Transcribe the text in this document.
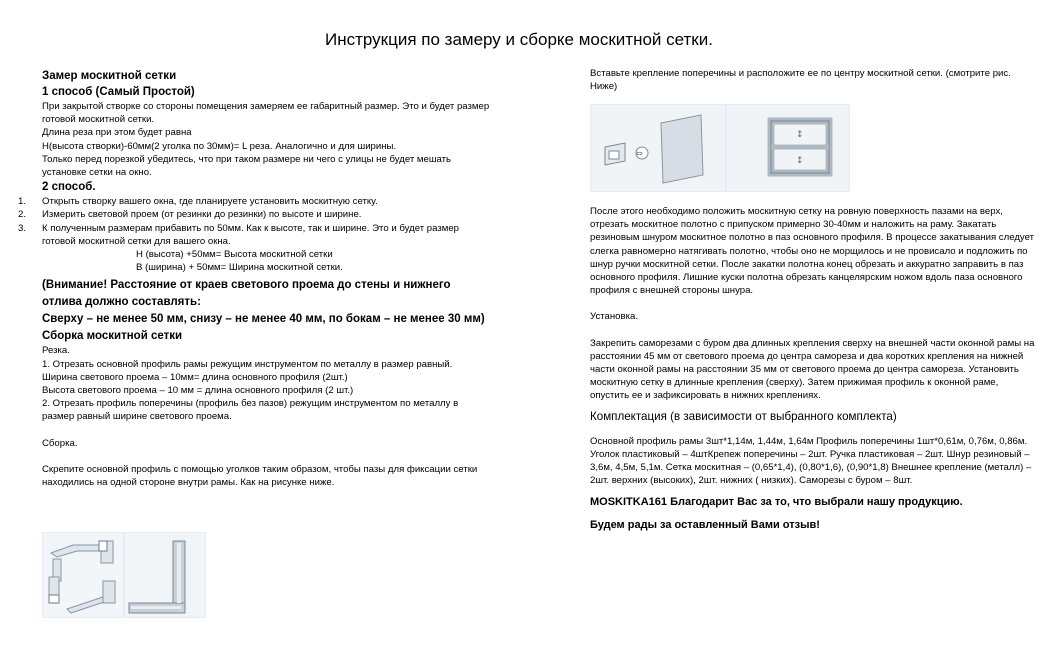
Инструкция по замеру и сборке москитной сетки.

Замер москитной сетки

1 способ (Самый Простой)

При закрытой створке со стороны помещения замеряем ее габаритный размер. Это и будет размер готовой москитной сетки.

Длина реза при этом будет равна

H(высота створки)-60мм(2 уголка по 30мм)= L реза. Аналогично и для ширины.

Только перед порезкой убедитесь, что при таком размере ни чего с улицы не будет мешать установке сетки на окно.

2 способ.

1. Открыть створку вашего окна, где планируете установить москитную сетку.

2. Измерить световой проем (от резинки до резинки) по высоте и ширине.

3. К полученным размерам прибавить по 50мм. Как к высоте, так и ширине. Это и будет размер готовой москитной сетки для вашего окна.

Н (высота) +50мм= Высота москитной сетки

В (ширина) + 50мм= Ширина москитной сетки.

(Внимание! Расстояние от краев светового проема до стены и нижнего отлива должно составлять:

Сверху – не менее 50 мм, снизу – не менее 40 мм, по бокам – не менее 30 мм)

Сборка москитной сетки

Резка.

1. Отрезать основной профиль рамы режущим инструментом по металлу в размер равный.

Ширина светового проема – 10мм= длина основного профиля (2шт.)

Высота светового проема – 10 мм = длина основного профиля (2 шт.)

2. Отрезать профиль поперечины (профиль без пазов) режущим инструментом по металлу в размер равный ширине светового проема.

Сборка.

Скрепите основной профиль с помощью уголков таким образом, чтобы пазы для фиксации сетки находились на одной стороне внутри рамы. Как на рисунке ниже.

Вставьте крепление поперечины и расположите ее по центру москитной сетки. (смотрите рис. Ниже)

⇔
↕
↕

После этого необходимо положить москитную сетку на ровную поверхность пазами на верх, отрезать москитное полотно с припуском примерно 30-40мм и наложить на раму. Закатать резиновым шнуром москитное полотно в паз основного профиля. В процессе закатывания следует слегка равномерно натягивать полотно, чтобы оно не морщилось и не провисало и подложить по шнур ручки москитной сетки. После закатки полотна конец обрезать и аккуратно заправить в паз основного профиля. Лишние куски полотна обрезать канцелярским ножом вдоль паза основного профиля с внешней стороны шнура.

Установка.

Закрепить саморезами с буром два длинных крепления сверху на внешней части оконной рамы на расстоянии 45 мм от светового проема до центра самореза и два коротких крепления на нижней части оконной рамы на расстоянии 35 мм от светового проема до центра самореза. Установить москитную сетку в длинные крепления (сверху). Затем прижимая профиль к оконной раме, опустить ее и зафиксировать в нижних креплениях.

Комплектация (в зависимости от выбранного комплекта)

Основной профиль рамы 3шт*1,14м, 1,44м, 1,64м Профиль поперечины 1шт*0,61м, 0,76м, 0,86м. Уголок пластиковый – 4штКрепеж поперечины – 2шт. Ручка пластиковая – 2шт. Шнур резиновый – 3,6м, 4,5м, 5,1м. Сетка москитная – (0,65*1,4), (0,80*1,6), (0,90*1,8) Внешнее крепление (металл) – 2шт. верхних (высоких), 2шт. нижних ( низких). Саморезы с буром – 8шт.

MOSKITKA161 Благодарит Вас за то, что выбрали нашу продукцию.

Будем рады за оставленный Вами отзыв!
